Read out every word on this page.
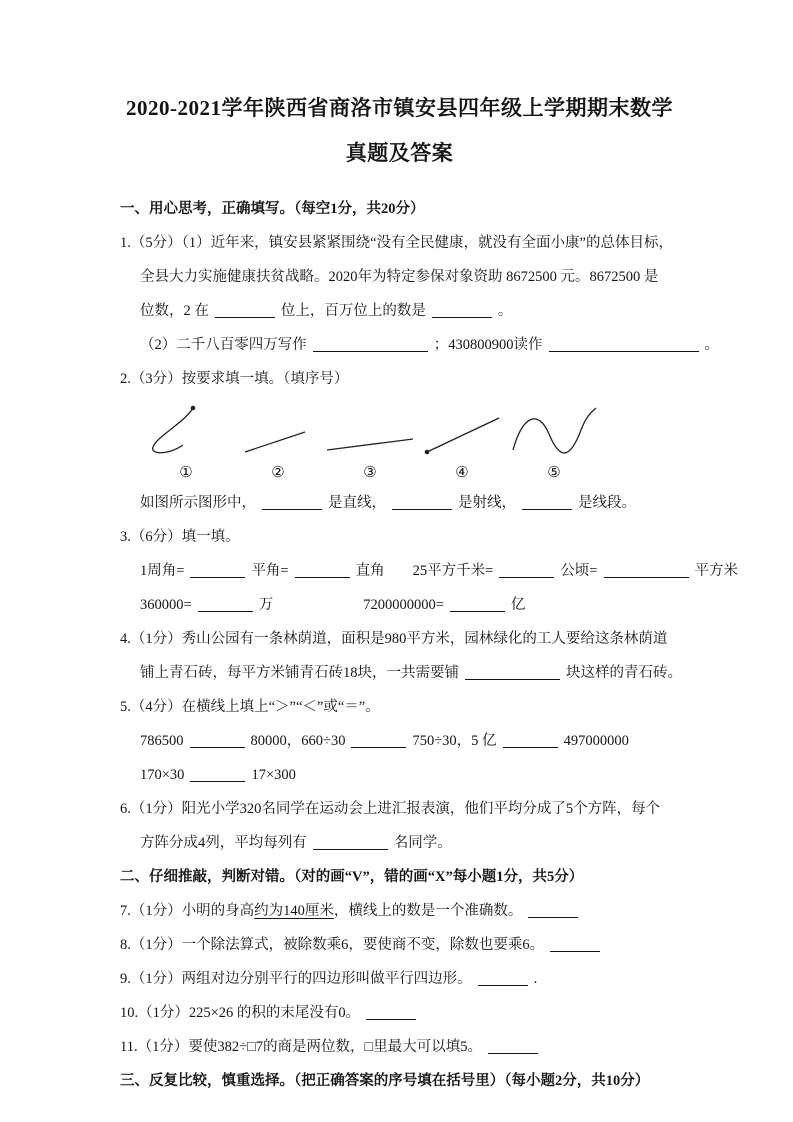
2020-2021学年陕西省商洛市镇安县四年级上学期期末数学
真题及答案
一、用心思考，正确填写。（每空1分，共20分）
1.（5分）（1）近年来，镇安县紧紧围绕“没有全民健康，就没有全面小康”的总体目标，
全县大力实施健康扶贫战略。2020年为特定参保对象资助 8672500 元。8672500 是
位数，2 在	位上，百万位上的数是	。
（2）二千八百零四万写作	；430800900读作	。
2.（3分）按要求填一填。（填序号）
①	②	③	④	⑤
如图所示图形中，	是直线，	是射线，	是线段。
3.（6分）填一填。
1周角=	平角=	直角 25平方千米=	公顷=	平方米
360000=	万	7200000000=	亿
4.（1分）秀山公园有一条林荫道，面积是980平方米，园林绿化的工人要给这条林荫道
铺上青石砖，每平方米铺青石砖18块，一共需要铺	块这样的青石砖。
5.（4分）在横线上填上“＞”“＜”或“＝”。
786500	80000，660÷30	750÷30，5 亿	497000000
170×30	17×300
6.（1分）阳光小学320名同学在运动会上进汇报表演，他们平均分成了5个方阵，每个
方阵分成4列，平均每列有	名同学。
二、仔细推敲，判断对错。（对的画“V”，错的画“X”每小题1分，共5分）
7.（1分）小明的身高约为140厘米，横线上的数是一个准确数。
8.（1分）一个除法算式，被除数乘6，要使商不变，除数也要乘6。
9.（1分）两组对边分别平行的四边形叫做平行四边形。	.
10.（1分）225×26 的积的末尾没有0。
11.（1分）要使382÷□7的商是两位数，□里最大可以填5。
三、反复比较，慎重选择。（把正确答案的序号填在括号里）（每小题2分，共10分）
